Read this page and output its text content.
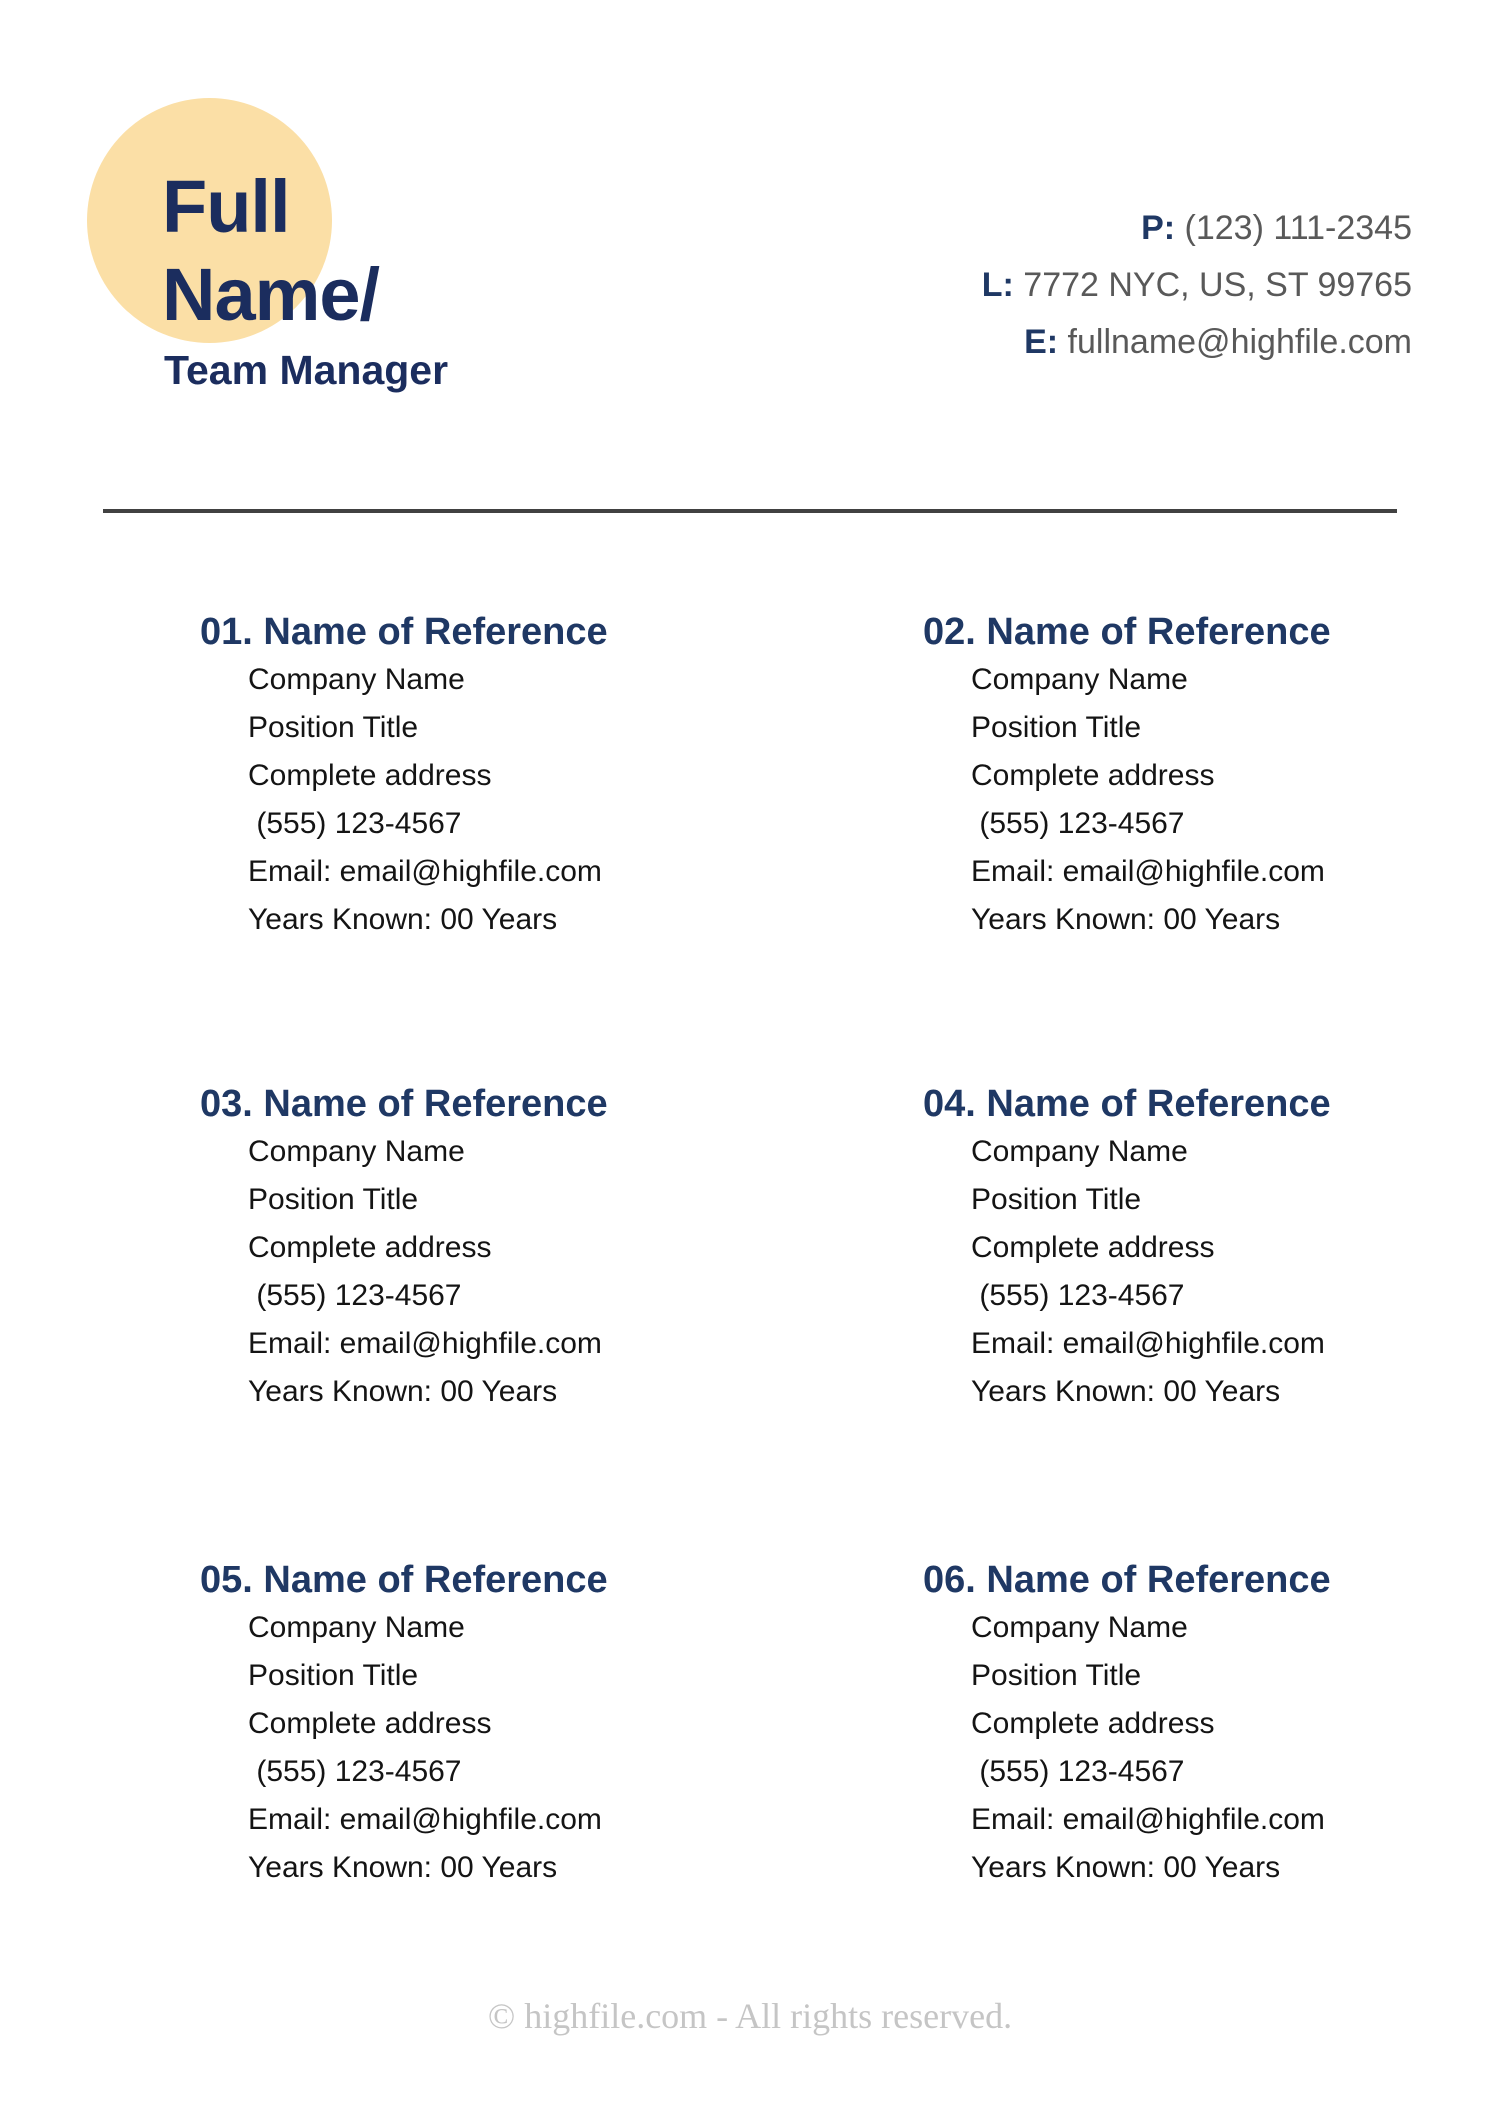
Full
Name/
Team Manager
P: (123) 111-2345
L: 7772 NYC, US, ST 99765
E: fullname@highfile.com
01. Name of Reference
Company Name
Position Title
Complete address
(555) 123-4567
Email: email@highfile.com
Years Known: 00 Years
02. Name of Reference
Company Name
Position Title
Complete address
(555) 123-4567
Email: email@highfile.com
Years Known: 00 Years
03. Name of Reference
Company Name
Position Title
Complete address
(555) 123-4567
Email: email@highfile.com
Years Known: 00 Years
04. Name of Reference
Company Name
Position Title
Complete address
(555) 123-4567
Email: email@highfile.com
Years Known: 00 Years
05. Name of Reference
Company Name
Position Title
Complete address
(555) 123-4567
Email: email@highfile.com
Years Known: 00 Years
06. Name of Reference
Company Name
Position Title
Complete address
(555) 123-4567
Email: email@highfile.com
Years Known: 00 Years
© highfile.com - All rights reserved.
